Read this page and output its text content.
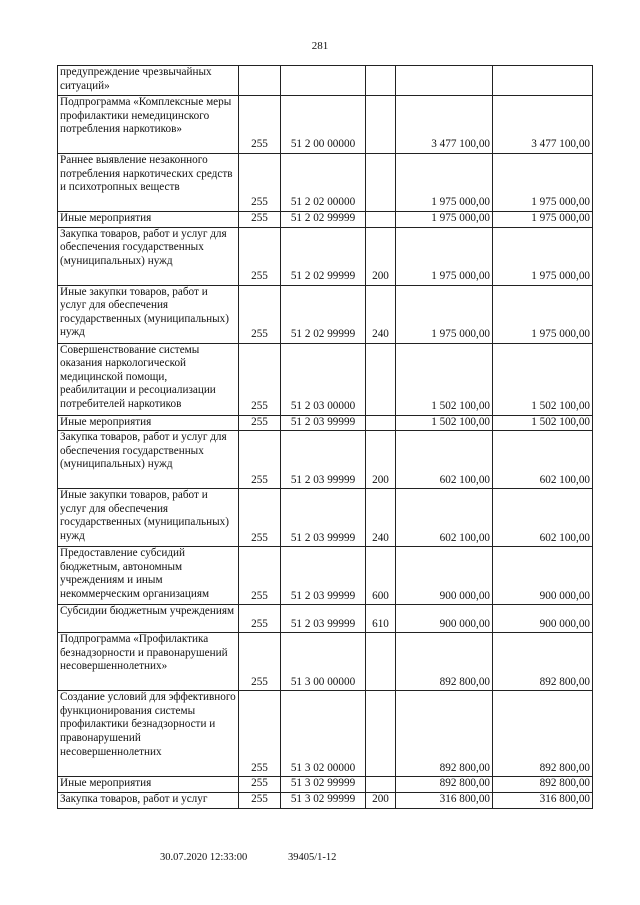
281
предупреждение чрезвычайных ситуаций»					
Подпрограмма «Комплексные меры профилактики немедицинского потребления наркотиков»	255	51 2 00 00000		3 477 100,00	3 477 100,00
Раннее выявление незаконного потребления наркотических средств и психотропных веществ	255	51 2 02 00000		1 975 000,00	1 975 000,00
Иные мероприятия	255	51 2 02 99999		1 975 000,00	1 975 000,00
Закупка товаров, работ и услуг для обеспечения государственных (муниципальных) нужд	255	51 2 02 99999	200	1 975 000,00	1 975 000,00
Иные закупки товаров, работ и услуг для обеспечения государственных (муниципальных) нужд	255	51 2 02 99999	240	1 975 000,00	1 975 000,00
Совершенствование системы оказания наркологической медицинской помощи, реабилитации и ресоциализации потребителей наркотиков	255	51 2 03 00000		1 502 100,00	1 502 100,00
Иные мероприятия	255	51 2 03 99999		1 502 100,00	1 502 100,00
Закупка товаров, работ и услуг для обеспечения государственных (муниципальных) нужд	255	51 2 03 99999	200	602 100,00	602 100,00
Иные закупки товаров, работ и услуг для обеспечения государственных (муниципальных) нужд	255	51 2 03 99999	240	602 100,00	602 100,00
Предоставление субсидий бюджетным, автономным учреждениям и иным некоммерческим организациям	255	51 2 03 99999	600	900 000,00	900 000,00
Субсидии бюджетным учреждениям	255	51 2 03 99999	610	900 000,00	900 000,00
Подпрограмма «Профилактика безнадзорности и правонарушений несовершеннолетних»	255	51 3 00 00000		892 800,00	892 800,00
Создание условий для эффективного функционирования системы профилактики безнадзорности и правонарушений несовершеннолетних	255	51 3 02 00000		892 800,00	892 800,00
Иные мероприятия	255	51 3 02 99999		892 800,00	892 800,00
Закупка товаров, работ и услуг	255	51 3 02 99999	200	316 800,00	316 800,00
30.07.2020 12:33:00	39405/1-12
